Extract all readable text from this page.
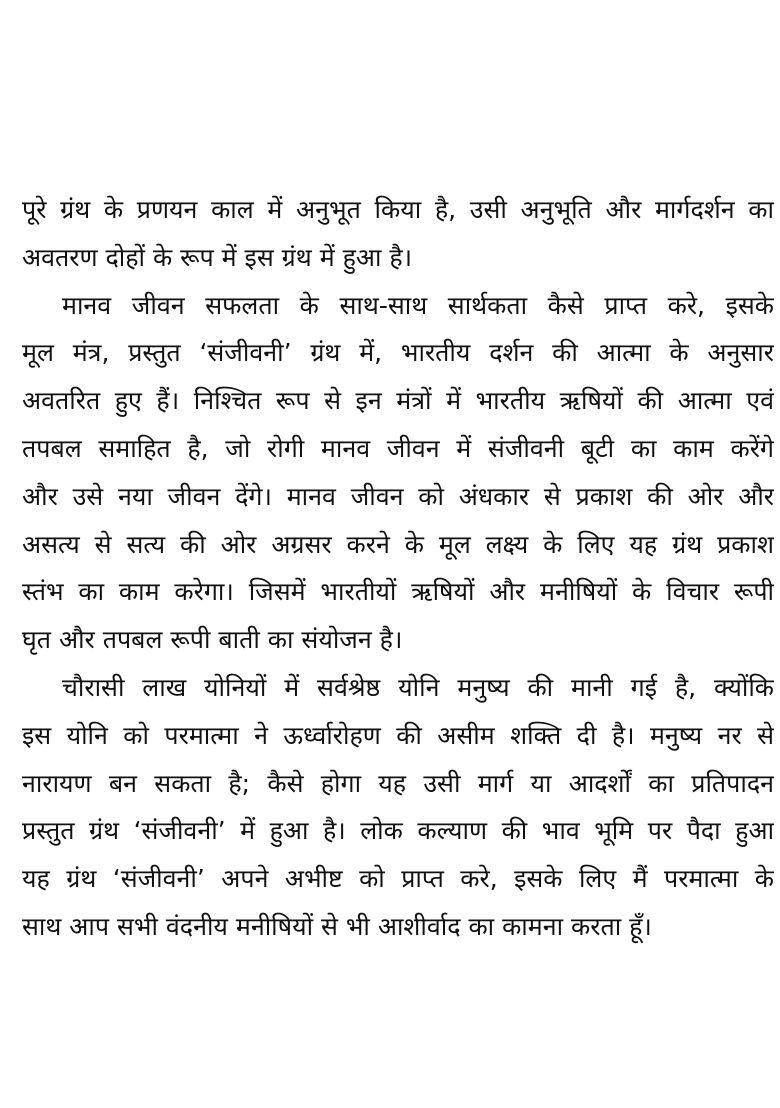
पूरे ग्रंथ के प्रणयन काल में अनुभूत किया है, उसी अनुभूति और मार्गदर्शन का
अवतरण दोहों के रूप में इस ग्रंथ में हुआ है।
मानव जीवन सफलता के साथ-साथ सार्थकता कैसे प्राप्त करे, इसके
मूल मंत्र, प्रस्तुत ‘संजीवनी’ ग्रंथ में, भारतीय दर्शन की आत्मा के अनुसार
अवतरित हुए हैं। निश्चित रूप से इन मंत्रों में भारतीय ऋषियों की आत्मा एवं
तपबल समाहित है, जो रोगी मानव जीवन में संजीवनी बूटी का काम करेंगे
और उसे नया जीवन देंगे। मानव जीवन को अंधकार से प्रकाश की ओर और
असत्य से सत्य की ओर अग्रसर करने के मूल लक्ष्य के लिए यह ग्रंथ प्रकाश
स्तंभ का काम करेगा। जिसमें भारतीयों ऋषियों और मनीषियों के विचार रूपी
घृत और तपबल रूपी बाती का संयोजन है।
चौरासी लाख योनियों में सर्वश्रेष्ठ योनि मनुष्य की मानी गई है, क्योंकि
इस योनि को परमात्मा ने ऊर्ध्वारोहण की असीम शक्ति दी है। मनुष्य नर से
नारायण बन सकता है; कैसे होगा यह उसी मार्ग या आदर्शों का प्रतिपादन
प्रस्तुत ग्रंथ ‘संजीवनी’ में हुआ है। लोक कल्याण की भाव भूमि पर पैदा हुआ
यह ग्रंथ ‘संजीवनी’ अपने अभीष्ट को प्राप्त करे, इसके लिए मैं परमात्मा के
साथ आप सभी वंदनीय मनीषियों से भी आशीर्वाद का कामना करता हूँ।
